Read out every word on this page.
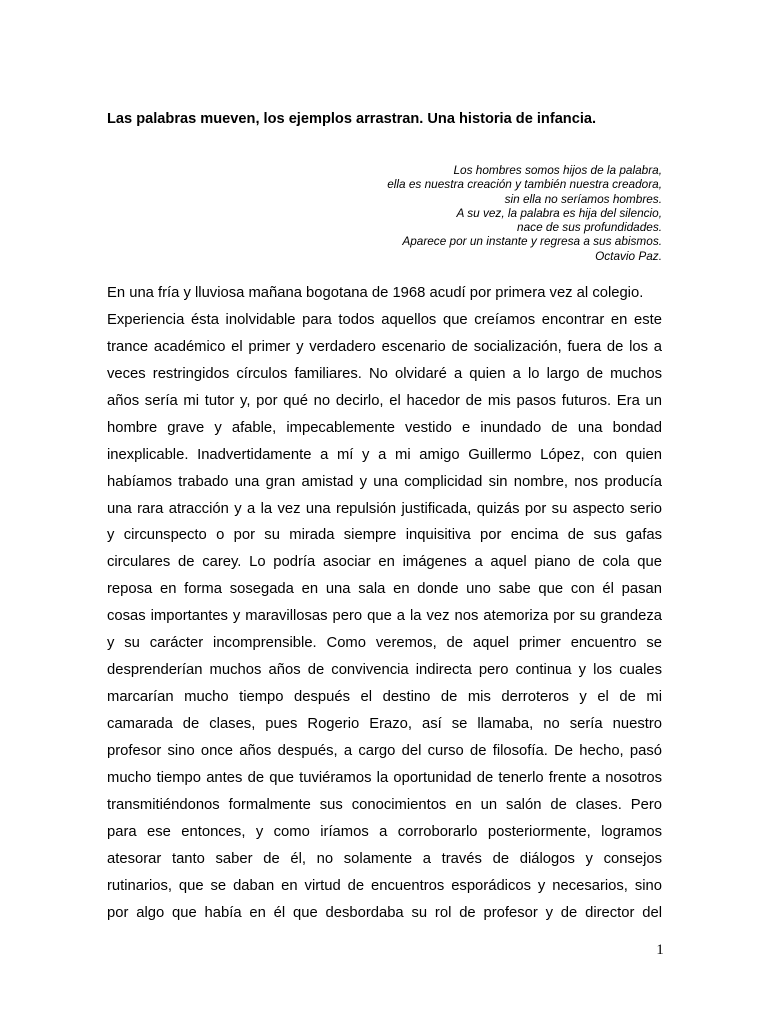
Las palabras mueven, los ejemplos arrastran. Una historia de infancia.
Los hombres somos hijos de la palabra,
ella es nuestra creación y también nuestra creadora,
sin ella no seríamos hombres.
A su vez, la palabra es hija del silencio,
nace de sus profundidades.
Aparece por un instante y regresa a sus abismos.
Octavio Paz.
En una fría y lluviosa mañana bogotana de 1968 acudí por primera vez al colegio.
Experiencia ésta inolvidable para todos aquellos que creíamos encontrar en este
trance académico el primer y verdadero escenario de socialización, fuera de los a
veces restringidos círculos familiares. No olvidaré a quien a lo largo de muchos
años sería mi tutor y, por qué no decirlo, el hacedor de mis pasos futuros. Era un
hombre grave y afable, impecablemente vestido e inundado de una bondad
inexplicable. Inadvertidamente a mí y a mi amigo Guillermo López, con quien
habíamos trabado una gran amistad y una complicidad sin nombre, nos producía
una rara atracción y a la vez una repulsión justificada, quizás por su aspecto serio
y circunspecto o por su mirada siempre inquisitiva por encima de sus gafas
circulares de carey. Lo podría asociar en imágenes a aquel piano de cola que
reposa en forma sosegada en una sala en donde uno sabe que con él pasan
cosas importantes y maravillosas pero que a la vez nos atemoriza por su grandeza
y su carácter incomprensible. Como veremos, de aquel primer encuentro se
desprenderían muchos años de convivencia indirecta pero continua y los cuales
marcarían mucho tiempo después el destino de mis derroteros y el de mi
camarada de clases, pues Rogerio Erazo, así se llamaba, no sería nuestro
profesor sino once años después, a cargo del curso de filosofía. De hecho, pasó
mucho tiempo antes de que tuviéramos la oportunidad de tenerlo frente a nosotros
transmitiéndonos formalmente sus conocimientos en un salón de clases. Pero
para ese entonces, y como iríamos a corroborarlo posteriormente, logramos
atesorar tanto saber de él, no solamente a través de diálogos y consejos
rutinarios, que se daban en virtud de encuentros esporádicos y necesarios, sino
por algo que había en él que desbordaba su rol de profesor y de director del
1
